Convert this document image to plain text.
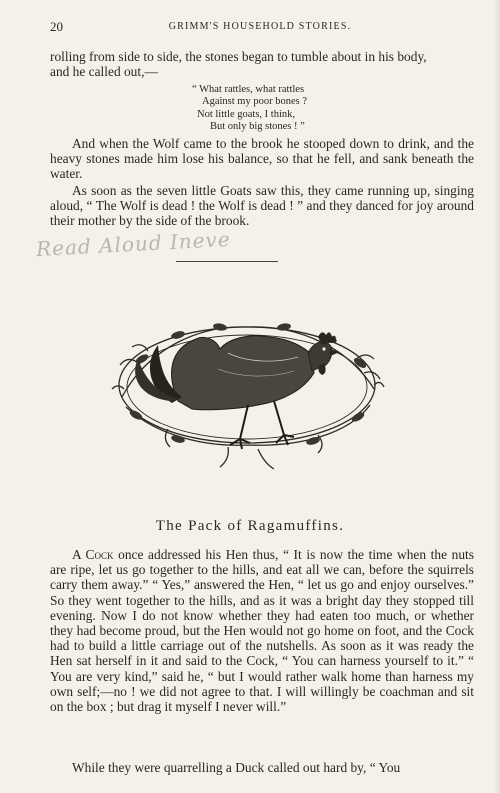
20	GRIMM'S HOUSEHOLD STORIES.
rolling from side to side, the stones began to tumble about in his body,
and he called out,—
“ What rattles, what rattles
Against my poor bones ?
Not little goats, I think,
But only big stones ! ”

And when the Wolf came to the brook he stooped down to drink, and the heavy stones made him lose his balance, so that he fell, and sank beneath the water.

As soon as the seven little Goats saw this, they came running up, singing aloud, “ The Wolf is dead ! the Wolf is dead ! ” and they danced for joy around their mother by the side of the brook.

Read Aloud Ineve
The Pack of Ragamuffins.

A Cock once addressed his Hen thus, “ It is now the time when the nuts are ripe, let us go together to the hills, and eat all we can, before the squirrels carry them away.” “ Yes,” answered the Hen, “ let us go and enjoy ourselves.” So they went together to the hills, and as it was a bright day they stopped till evening. Now I do not know whether they had eaten too much, or whether they had become proud, but the Hen would not go home on foot, and the Cock had to build a little carriage out of the nutshells. As soon as it was ready the Hen sat herself in it and said to the Cock, “ You can harness yourself to it.” “ You are very kind,” said he, “ but I would rather walk home than harness my own self;—no ! we did not agree to that. I will willingly be coachman and sit on the box ; but drag it myself I never will.”

While they were quarrelling a Duck called out hard by, “ You
